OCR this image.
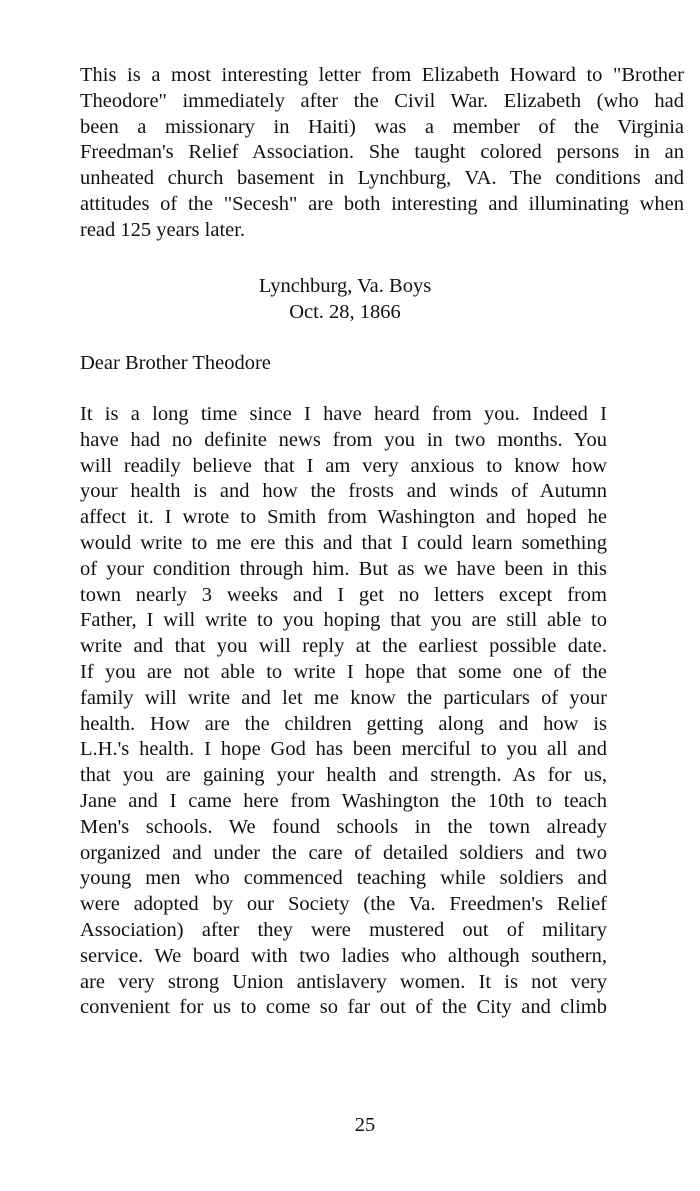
This is a most interesting letter from Elizabeth Howard to "Brother
Theodore" immediately after the Civil War. Elizabeth (who had
been a missionary in Haiti) was a member of the Virginia
Freedman's Relief Association. She taught colored persons in an
unheated church basement in Lynchburg, VA. The conditions and
attitudes of the "Secesh" are both interesting and illuminating when
read 125 years later.

Lynchburg, Va. Boys

Oct. 28, 1866

Dear Brother Theodore

It is a long time since I have heard from you. Indeed I
have had no definite news from you in two months. You
will readily believe that I am very anxious to know how
your health is and how the frosts and winds of Autumn
affect it. I wrote to Smith from Washington and hoped he
would write to me ere this and that I could learn something
of your condition through him. But as we have been in this
town nearly 3 weeks and I get no letters except from
Father, I will write to you hoping that you are still able to
write and that you will reply at the earliest possible date.
If you are not able to write I hope that some one of the
family will write and let me know the particulars of your
health. How are the children getting along and how is
L.H.'s health. I hope God has been merciful to you all and
that you are gaining your health and strength. As for us,
Jane and I came here from Washington the 10th to teach
Men's schools. We found schools in the town already
organized and under the care of detailed soldiers and two
young men who commenced teaching while soldiers and
were adopted by our Society (the Va. Freedmen's Relief
Association) after they were mustered out of military
service. We board with two ladies who although southern,
are very strong Union antislavery women. It is not very
convenient for us to come so far out of the City and climb

25
